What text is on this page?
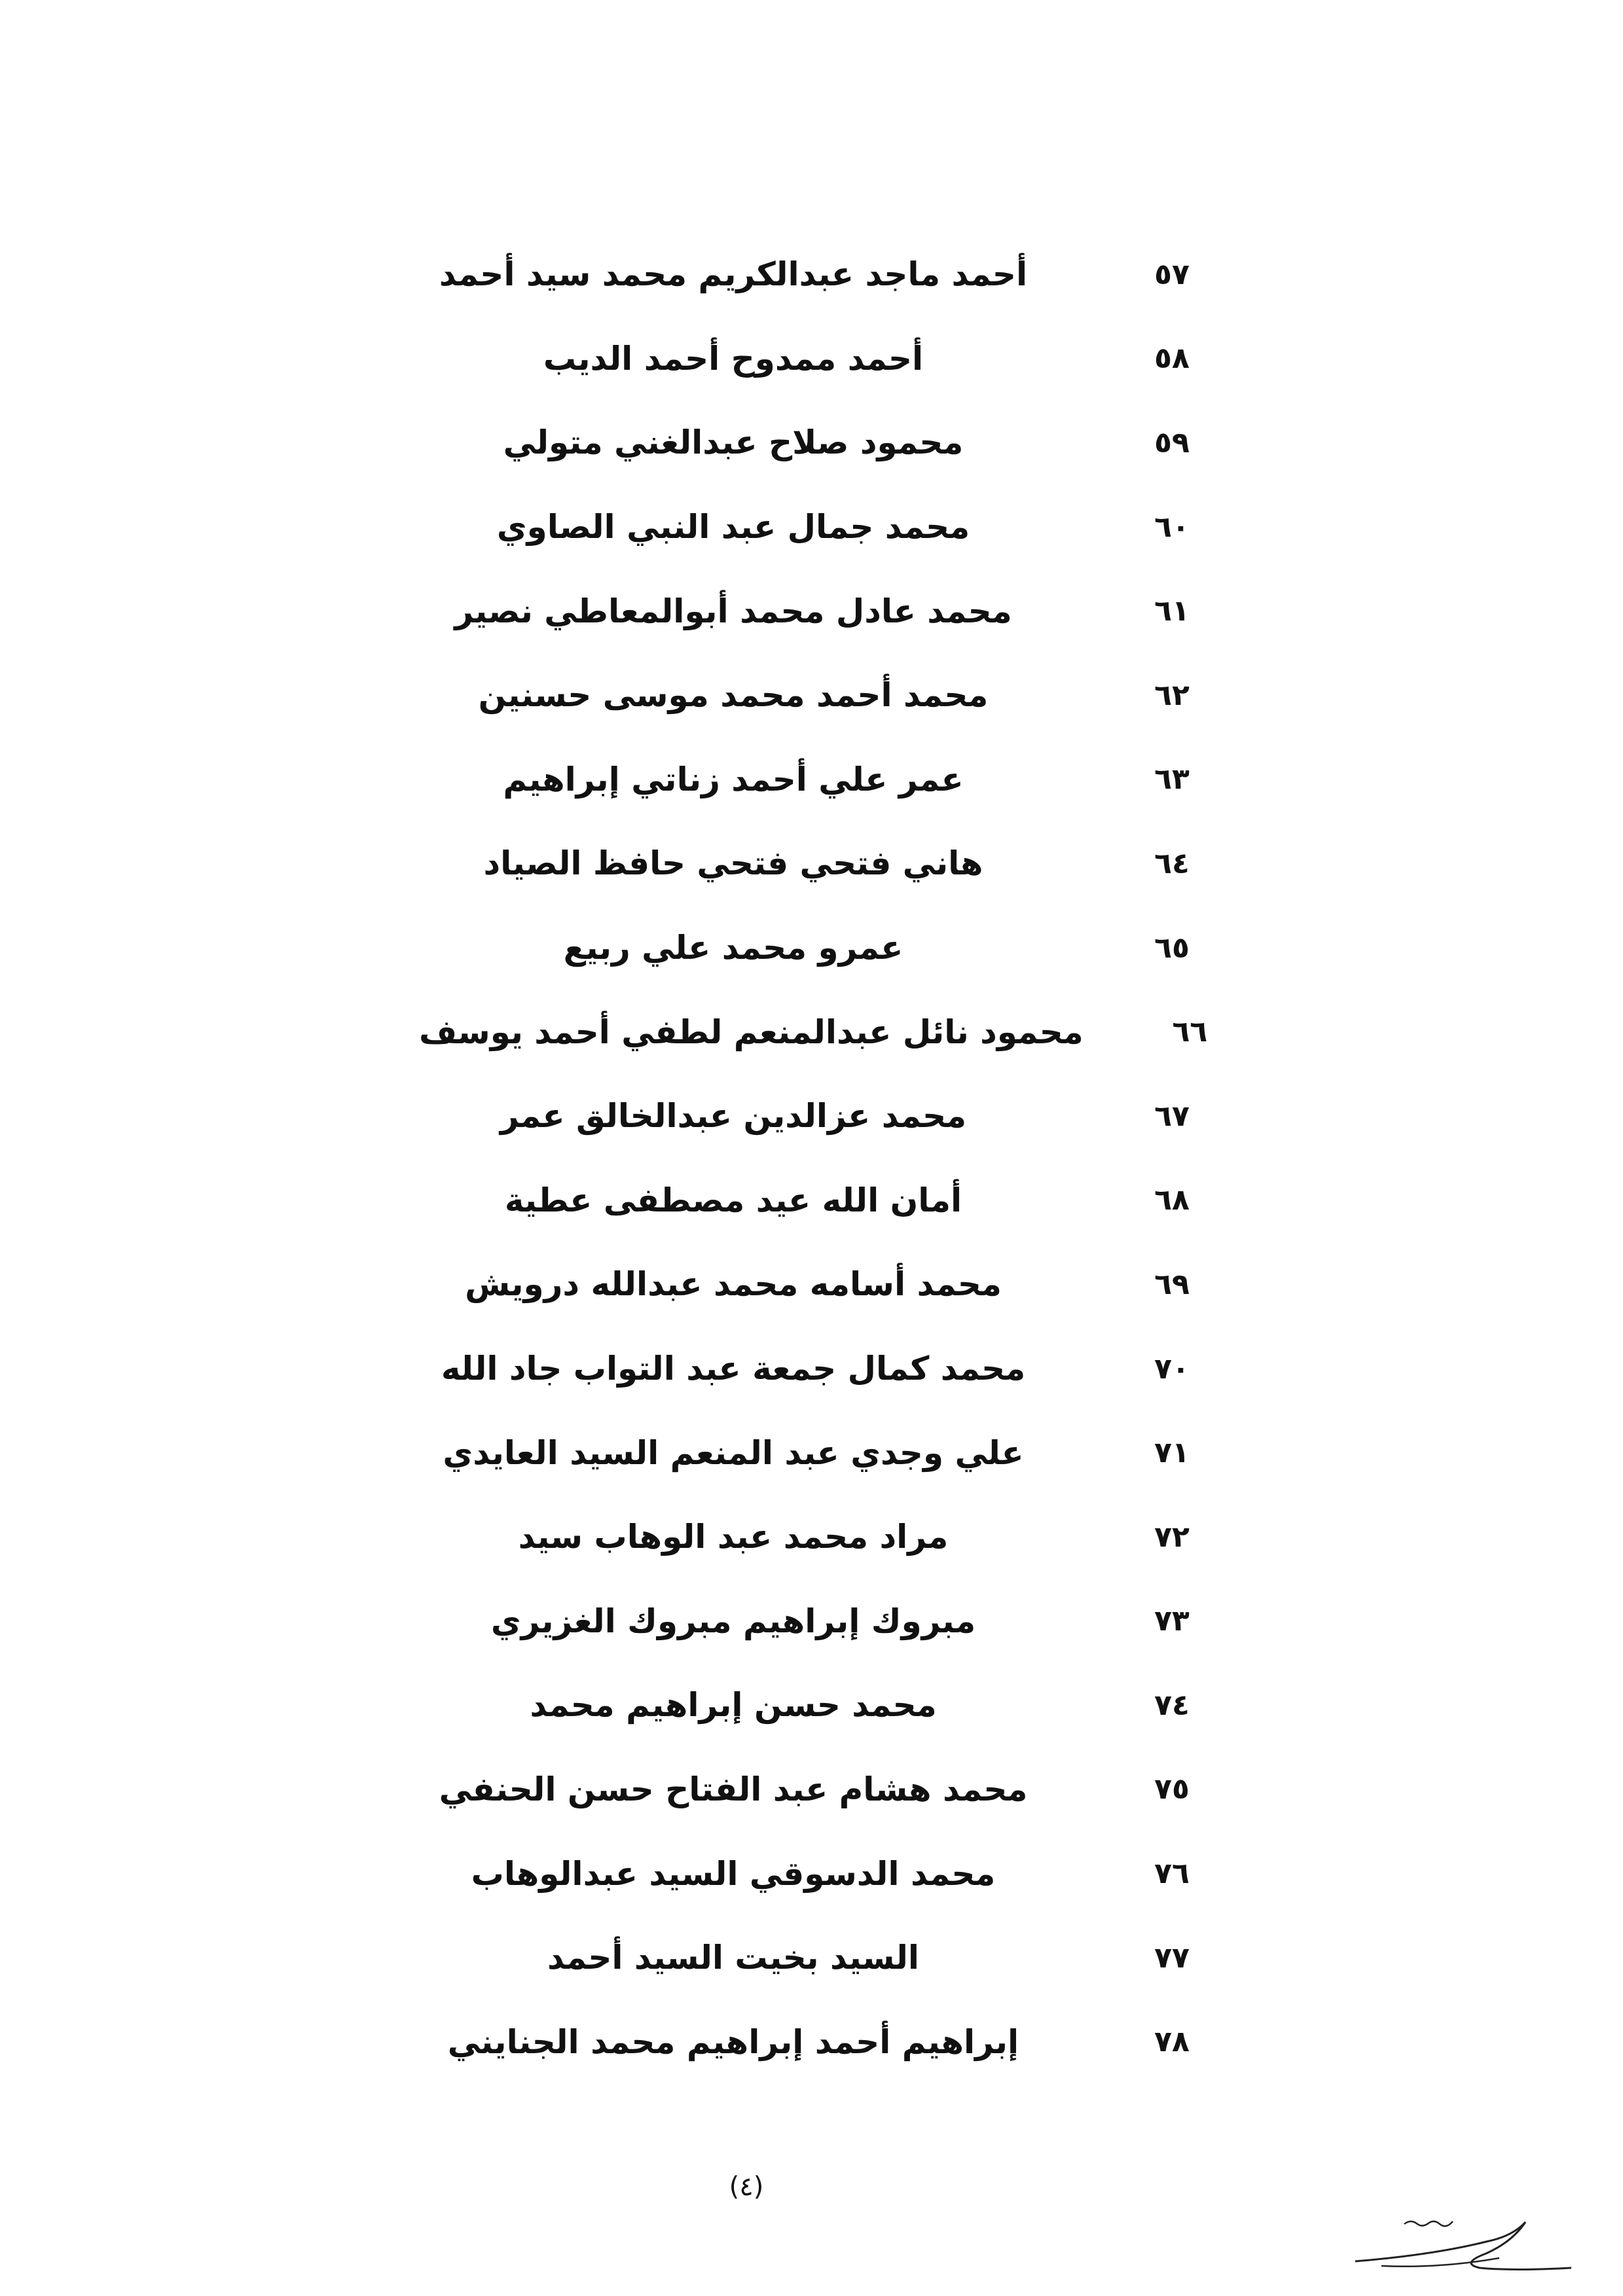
٥٧
أحمد ماجد عبدالكريم محمد سيد أحمد
٥٨
أحمد ممدوح أحمد الديب
٥٩
محمود صلاح عبدالغني متولي
٦٠
محمد جمال عبد النبي الصاوي
٦١
محمد عادل محمد أبوالمعاطي نصير
٦٢
محمد أحمد محمد موسى حسنين
٦٣
عمر علي أحمد زناتي إبراهيم
٦٤
هاني فتحي فتحي حافظ الصياد
٦٥
عمرو محمد علي ربيع
٦٦
محمود نائل عبدالمنعم لطفي أحمد يوسف
٦٧
محمد عزالدين عبدالخالق عمر
٦٨
أمان الله عيد مصطفى عطية
٦٩
محمد أسامه محمد عبدالله درويش
٧٠
محمد كمال جمعة عبد التواب جاد الله
٧١
علي وجدي عبد المنعم السيد العايدي
٧٢
مراد محمد عبد الوهاب سيد
٧٣
مبروك إبراهيم مبروك الغزيري
٧٤
محمد حسن إبراهيم محمد
٧٥
محمد هشام عبد الفتاح حسن الحنفي
٧٦
محمد الدسوقي السيد عبدالوهاب
٧٧
السيد بخيت السيد أحمد
٧٨
إبراهيم أحمد إبراهيم محمد الجنايني
(٤)
